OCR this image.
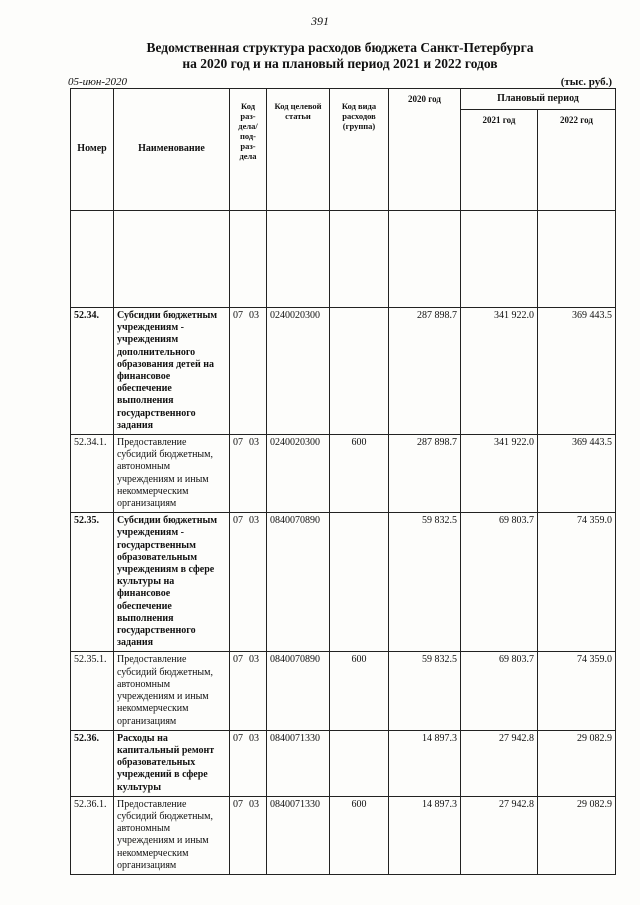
391
Ведомственная структура расходов бюджета Санкт-Петербурга
на 2020 год и на плановый период 2021 и 2022 годов
05-июн-2020	(тыс. руб.)
Номер	Наименование	Код раз- дела/ под- раз- дела	Код целевой статьи	Код вида расходов (группа)	2020 год	Плановый период	
						2021 год	2022 год

52.34.	Субсидии бюджетным учреждениям - учреждениям дополнительного образования детей на финансовое обеспечение выполнения государственного задания	07 03	0240020300		287 898.7	341 922.0	369 443.5
52.34.1.	Предоставление субсидий бюджетным, автономным учреждениям и иным некоммерческим организациям	07 03	0240020300	600	287 898.7	341 922.0	369 443.5
52.35.	Субсидии бюджетным учреждениям - государственным образовательным учреждениям в сфере культуры на финансовое обеспечение выполнения государственного задания	07 03	0840070890		59 832.5	69 803.7	74 359.0
52.35.1.	Предоставление субсидий бюджетным, автономным учреждениям и иным некоммерческим организациям	07 03	0840070890	600	59 832.5	69 803.7	74 359.0
52.36.	Расходы на капитальный ремонт образовательных учреждений в сфере культуры	07 03	0840071330		14 897.3	27 942.8	29 082.9
52.36.1.	Предоставление субсидий бюджетным, автономным учреждениям и иным некоммерческим организациям	07 03	0840071330	600	14 897.3	27 942.8	29 082.9
